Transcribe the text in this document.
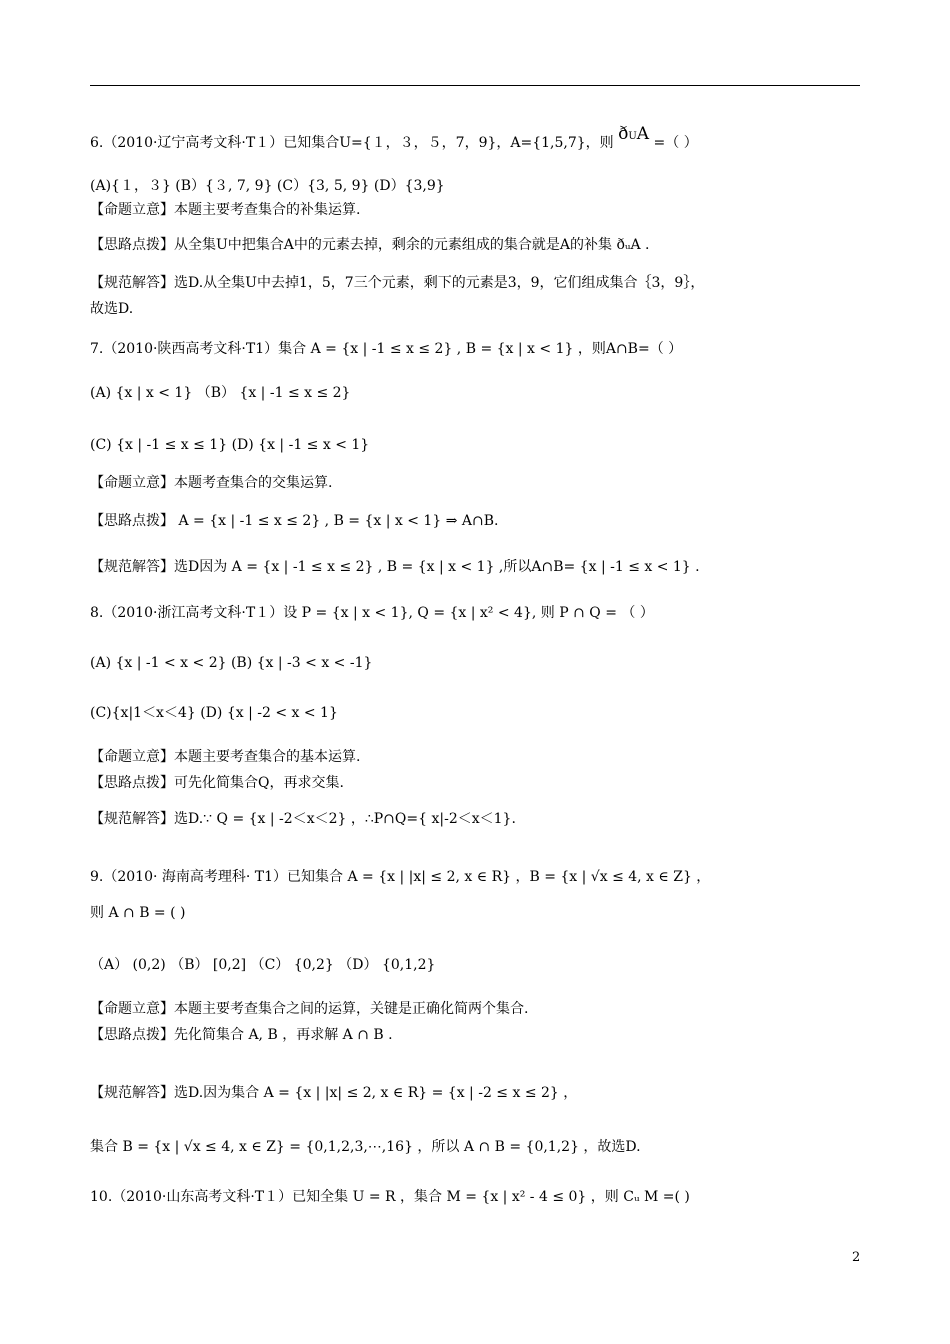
6.（2010·辽宁高考文科·T１）已知集合U={１，３，５，7，9}，A={1,5,7}，则 $ð^UA$ =（ ）
(A){１，３} (B）{３, 7, 9} (C）{3, 5, 9} (D）{3,9}
【命题立意】本题主要考查集合的补集运算.
【思路点拨】从全集U中把集合A中的元素去掉，剩余的元素组成的集合就是A的补集 ðᵤA .
【规范解答】选D.从全集U中去掉1，5，7三个元素，剩下的元素是3，9，它们组成集合｛3，9｝，
故选D.
7.（2010·陕西高考文科·T1）集合 A = {x | -1 ≤ x ≤ 2} , B = {x | x < 1} ，则A∩B=（ ）
(A) {x | x < 1} （B） {x | -1 ≤ x ≤ 2}
(C) {x | -1 ≤ x ≤ 1} (D) {x | -1 ≤ x < 1}
【命题立意】本题考查集合的交集运算.
【思路点拨】 A = {x | -1 ≤ x ≤ 2} , B = {x | x < 1} ⇒ A∩B.
【规范解答】选D因为 A = {x | -1 ≤ x ≤ 2} , B = {x | x < 1} ,所以A∩B= {x | -1 ≤ x < 1} .
8.（2010·浙江高考文科·T１）设 P = {x | x < 1}, Q = {x | x² < 4}, 则 P ∩ Q = （ ）
(A) {x | -1 < x < 2} (B) {x | -3 < x < -1}
(C){x|1＜x＜4} (D) {x | -2 < x < 1}
【命题立意】本题主要考查集合的基本运算.
【思路点拨】可先化简集合Q，再求交集.
【规范解答】选D.∵ Q = {x | -2＜x＜2} ，∴P∩Q={ x|-2＜x＜1}.
9.（2010· 海南高考理科· T1）已知集合 A = {x | |x| ≤ 2, x ∈ R} ，B = {x | √x ≤ 4, x ∈ Z} ，
则 A ∩ B = ( )
（A） (0,2) （B） [0,2] （C） {0,2} （D） {0,1,2}
【命题立意】本题主要考查集合之间的运算，关键是正确化简两个集合.
【思路点拨】先化简集合 A, B ，再求解 A ∩ B .
【规范解答】选D.因为集合 A = {x | |x| ≤ 2, x ∈ R} = {x | -2 ≤ x ≤ 2} ，
集合 B = {x | √x ≤ 4, x ∈ Z} = {0,1,2,3,⋯,16} ，所以 A ∩ B = {0,1,2} ，故选D.
10.（2010·山东高考文科·T１）已知全集 U = R ，集合 M = {x | x² - 4 ≤ 0} ，则 Cᵤ M =( )
2
